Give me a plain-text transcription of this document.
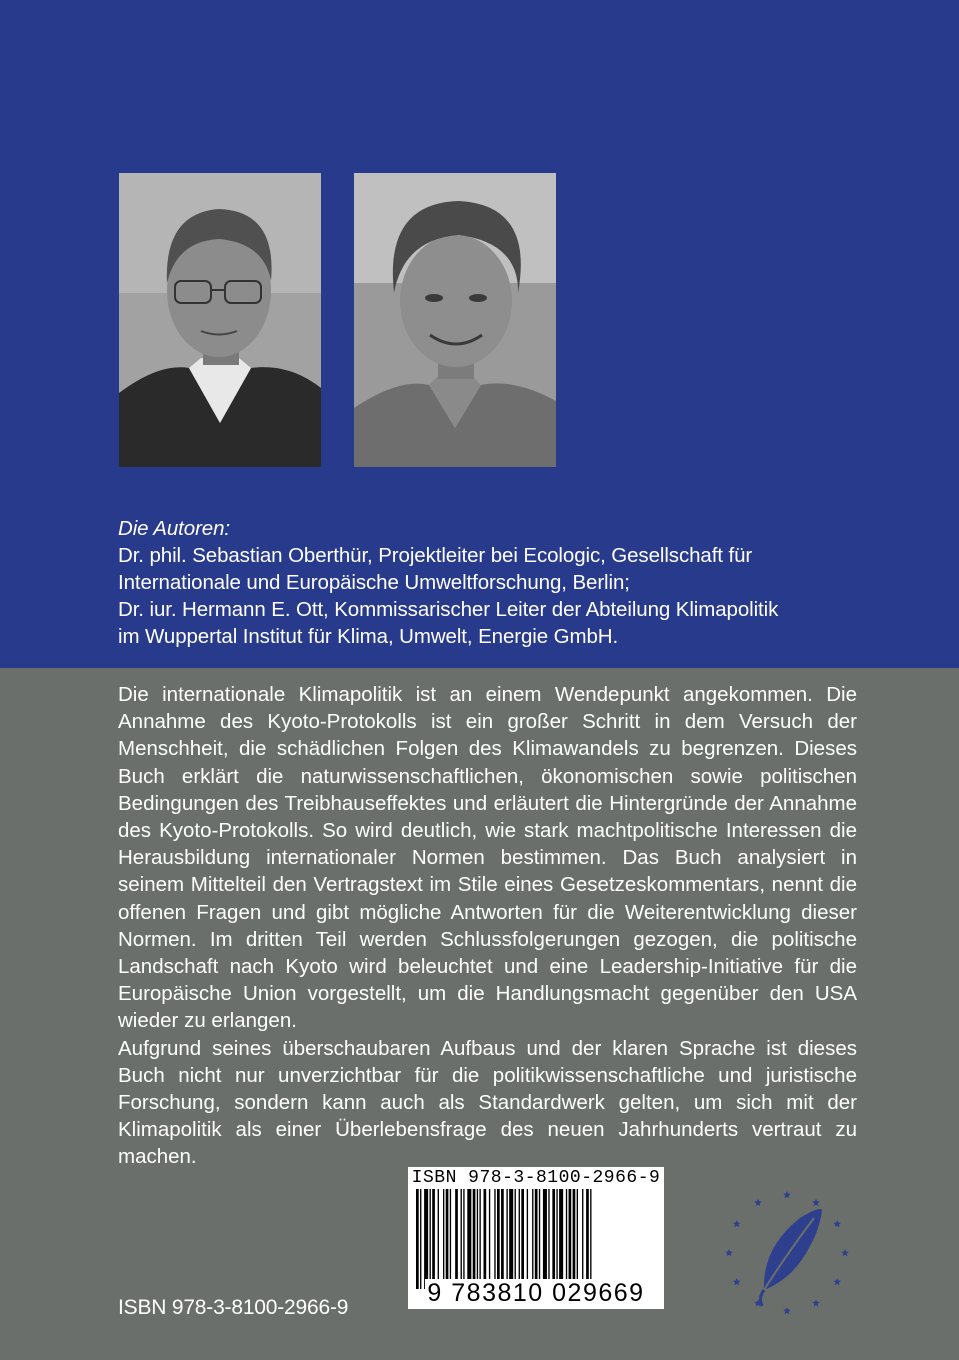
Die Autoren:
Dr. phil. Sebastian Oberthür, Projektleiter bei Ecologic, Gesellschaft für
Internationale und Europäische Umweltforschung, Berlin;
Dr. iur. Hermann E. Ott, Kommissarischer Leiter der Abteilung Klimapolitik
im Wuppertal Institut für Klima, Umwelt, Energie GmbH.

Die internationale Klimapolitik ist an einem Wendepunkt angekommen. Die Annahme des Kyoto-Protokolls ist ein großer Schritt in dem Versuch der Menschheit, die schädlichen Folgen des Klimawandels zu begrenzen. Dieses Buch erklärt die naturwissenschaftlichen, ökonomischen sowie politischen Bedingungen des Treibhauseffektes und erläutert die Hintergründe der Annahme des Kyoto-Protokolls. So wird deutlich, wie stark machtpolitische Interessen die Herausbildung internationaler Normen bestimmen. Das Buch analysiert in seinem Mittelteil den Vertragstext im Stile eines Gesetzeskommentars, nennt die offenen Fragen und gibt mögliche Antworten für die Weiterentwicklung dieser Normen. Im dritten Teil werden Schlussfolgerungen gezogen, die politische Landschaft nach Kyoto wird beleuchtet und eine Leadership-Initiative für die Europäische Union vorgestellt, um die Handlungsmacht gegenüber den USA wieder zu erlangen.

Aufgrund seines überschaubaren Aufbaus und der klaren Sprache ist dieses Buch nicht nur unverzichtbar für die politikwissenschaftliche und juristische Forschung, sondern kann auch als Standardwerk gelten, um sich mit der Klimapolitik als einer Überlebensfrage des neuen Jahrhunderts vertraut zu machen.

ISBN 978-3-8100-2966-9
9 783810 029669
ISBN 978-3-8100-2966-9
